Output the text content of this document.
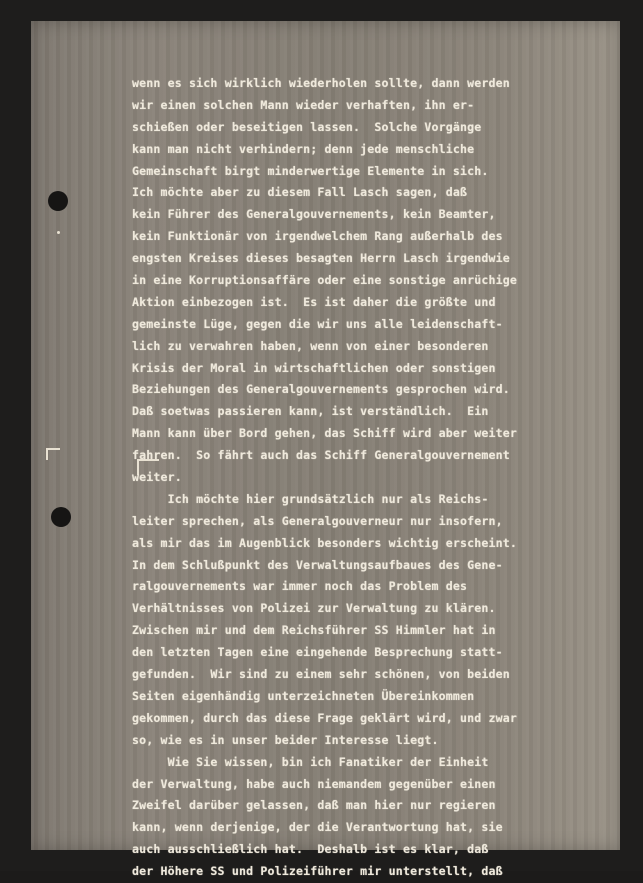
wenn es sich wirklich wiederholen sollte, dann werden
wir einen solchen Mann wieder verhaften, ihn er-
schießen oder beseitigen lassen.  Solche Vorgänge
kann man nicht verhindern; denn jede menschliche
Gemeinschaft birgt minderwertige Elemente in sich.
Ich möchte aber zu diesem Fall Lasch sagen, daß
kein Führer des Generalgouvernements, kein Beamter,
kein Funktionär von irgendwelchem Rang außerhalb des
engsten Kreises dieses besagten Herrn Lasch irgendwie
in eine Korruptionsaffäre oder eine sonstige anrüchige
Aktion einbezogen ist.  Es ist daher die größte und
gemeinste Lüge, gegen die wir uns alle leidenschaft-
lich zu verwahren haben, wenn von einer besonderen
Krisis der Moral in wirtschaftlichen oder sonstigen
Beziehungen des Generalgouvernements gesprochen wird.
Daß soetwas passieren kann, ist verständlich.  Ein
Mann kann über Bord gehen, das Schiff wird aber weiter
fahren.  So fährt auch das Schiff Generalgouvernement
weiter.
Ich möchte hier grundsätzlich nur als Reichs-
leiter sprechen, als Generalgouverneur nur insofern,
als mir das im Augenblick besonders wichtig erscheint.
In dem Schlußpunkt des Verwaltungsaufbaues des Gene-
ralgouvernements war immer noch das Problem des
Verhältnisses von Polizei zur Verwaltung zu klären.
Zwischen mir und dem Reichsführer SS Himmler hat in
den letzten Tagen eine eingehende Besprechung statt-
gefunden.  Wir sind zu einem sehr schönen, von beiden
Seiten eigenhändig unterzeichneten Übereinkommen
gekommen, durch das diese Frage geklärt wird, und zwar
so, wie es in unser beider Interesse liegt.
Wie Sie wissen, bin ich Fanatiker der Einheit
der Verwaltung, habe auch niemandem gegenüber einen
Zweifel darüber gelassen, daß man hier nur regieren
kann, wenn derjenige, der die Verantwortung hat, sie
auch ausschließlich hat.  Deshalb ist es klar, daß
der Höhere SS und Polizeiführer mir unterstellt, daß
